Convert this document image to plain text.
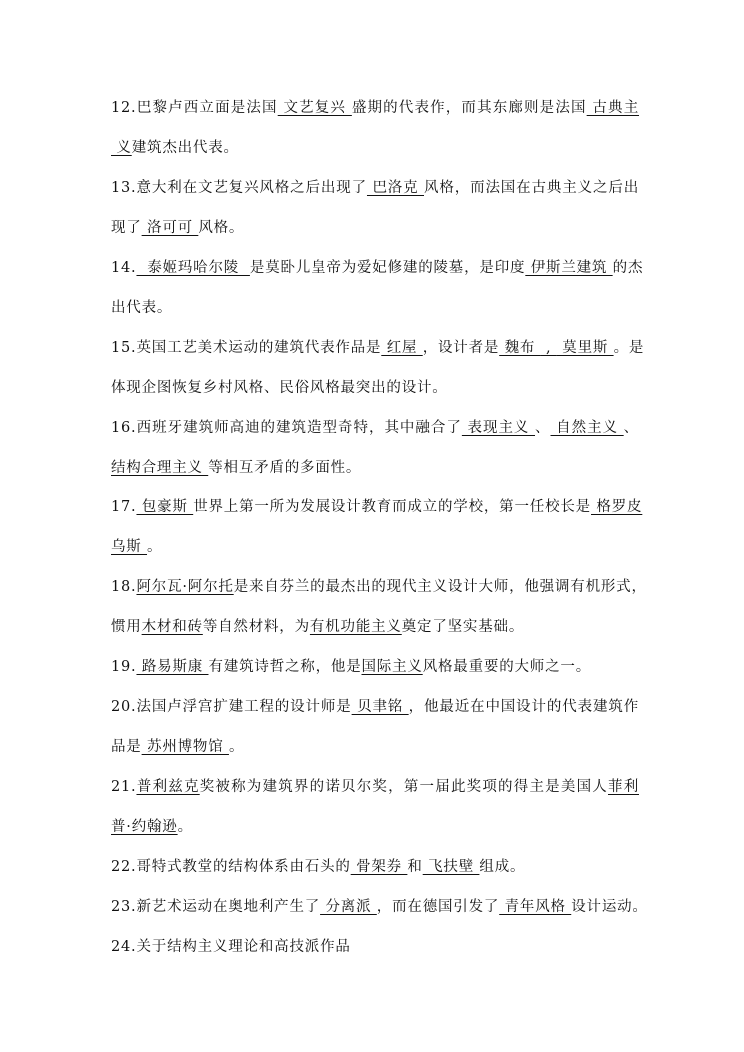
12.巴黎卢西立面是法国 文艺复兴 盛期的代表作，而其东廊则是法国 古典主
义建筑杰出代表。
13.意大利在文艺复兴风格之后出现了 巴洛克 风格，而法国在古典主义之后出
现了 洛可可 风格。
14.  泰姬玛哈尔陵  是莫卧儿皇帝为爱妃修建的陵墓，是印度 伊斯兰建筑 的杰
出代表。
15.英国工艺美术运动的建筑代表作品是 红屋 ，设计者是 魏布  ,  莫里斯 。是
体现企图恢复乡村风格、民俗风格最突出的设计。
16.西班牙建筑师高迪的建筑造型奇特，其中融合了 表现主义 、 自然主义 、
结构合理主义 等相互矛盾的多面性。
17. 包豪斯 世界上第一所为发展设计教育而成立的学校，第一任校长是 格罗皮
乌斯 。
18.阿尔瓦·阿尔托是来自芬兰的最杰出的现代主义设计大师，他强调有机形式，
惯用木材和砖等自然材料，为有机功能主义奠定了坚实基础。
19. 路易斯康 有建筑诗哲之称，他是国际主义风格最重要的大师之一。
20.法国卢浮宫扩建工程的设计师是 贝聿铭 ，他最近在中国设计的代表建筑作
品是 苏州博物馆 。
21.普利兹克奖被称为建筑界的诺贝尔奖，第一届此奖项的得主是美国人菲利
普·约翰逊。
22.哥特式教堂的结构体系由石头的 骨架券 和 飞扶壁 组成。
23.新艺术运动在奥地利产生了 分离派 ，而在德国引发了 青年风格 设计运动。
24.关于结构主义理论和高技派作品
